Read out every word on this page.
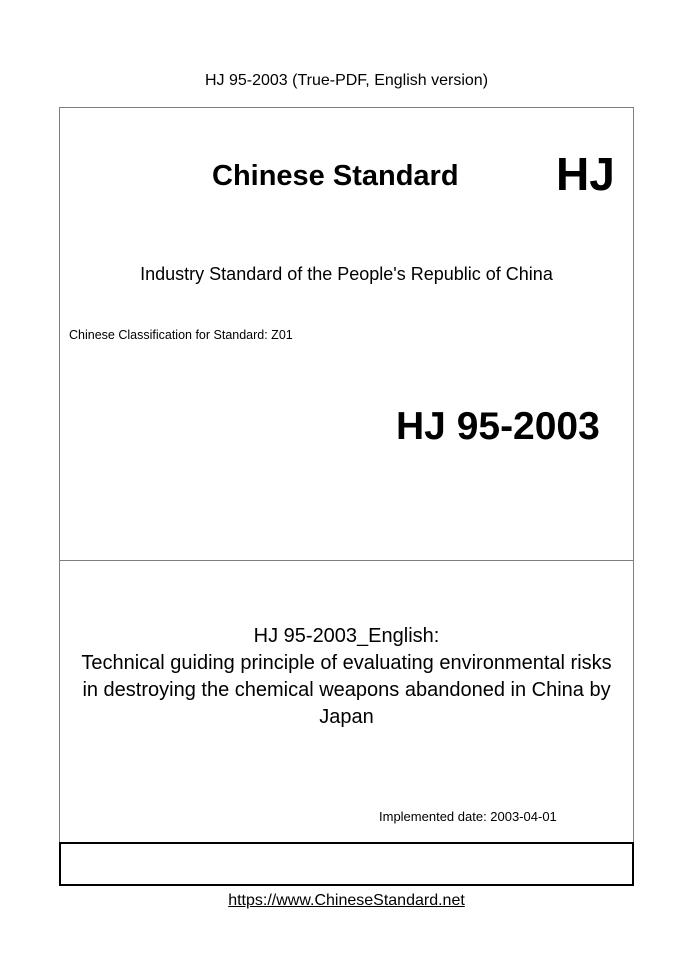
HJ 95-2003 (True-PDF, English version)
Chinese Standard HJ
Industry Standard of the People's Republic of China
Chinese Classification for Standard: Z01
HJ 95-2003
HJ 95-2003_English:
Technical guiding principle of evaluating environmental risks
in destroying the chemical weapons abandoned in China by
Japan
Implemented date: 2003-04-01
https://www.ChineseStandard.net
